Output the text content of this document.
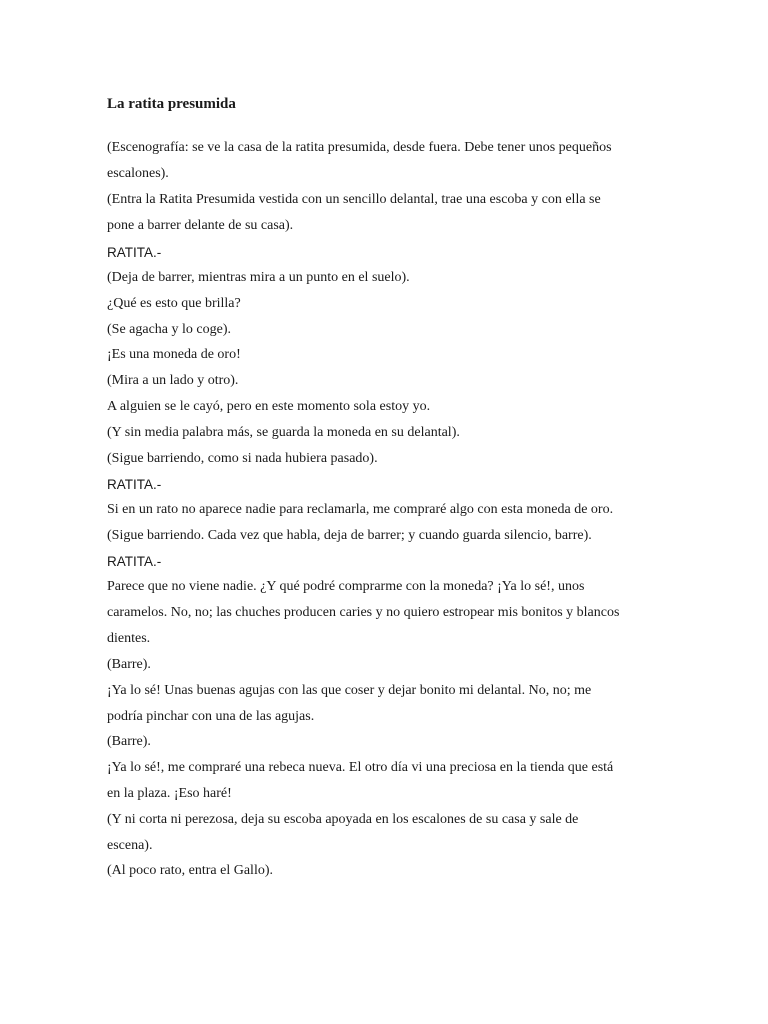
La ratita presumida
(Escenografía: se ve la casa de la ratita presumida, desde fuera. Debe tener unos pequeños
escalones).
(Entra la Ratita Presumida vestida con un sencillo delantal, trae una escoba y con ella se
pone a barrer delante de su casa).
RATITA.-
(Deja de barrer, mientras mira a un punto en el suelo).
¿Qué es esto que brilla?
(Se agacha y lo coge).
¡Es una moneda de oro!
(Mira a un lado y otro).
A alguien se le cayó, pero en este momento sola estoy yo.
(Y sin media palabra más, se guarda la moneda en su delantal).
(Sigue barriendo, como si nada hubiera pasado).
RATITA.-
Si en un rato no aparece nadie para reclamarla, me compraré algo con esta moneda de oro.
(Sigue barriendo. Cada vez que habla, deja de barrer; y cuando guarda silencio, barre).
RATITA.-
Parece que no viene nadie. ¿Y qué podré comprarme con la moneda? ¡Ya lo sé!, unos
caramelos. No, no; las chuches producen caries y no quiero estropear mis bonitos y blancos
dientes.
(Barre).
¡Ya lo sé! Unas buenas agujas con las que coser y dejar bonito mi delantal. No, no; me
podría pinchar con una de las agujas.
(Barre).
¡Ya lo sé!, me compraré una rebeca nueva. El otro día vi una preciosa en la tienda que está
en la plaza. ¡Eso haré!
(Y ni corta ni perezosa, deja su escoba apoyada en los escalones de su casa y sale de
escena).
(Al poco rato, entra el Gallo).
